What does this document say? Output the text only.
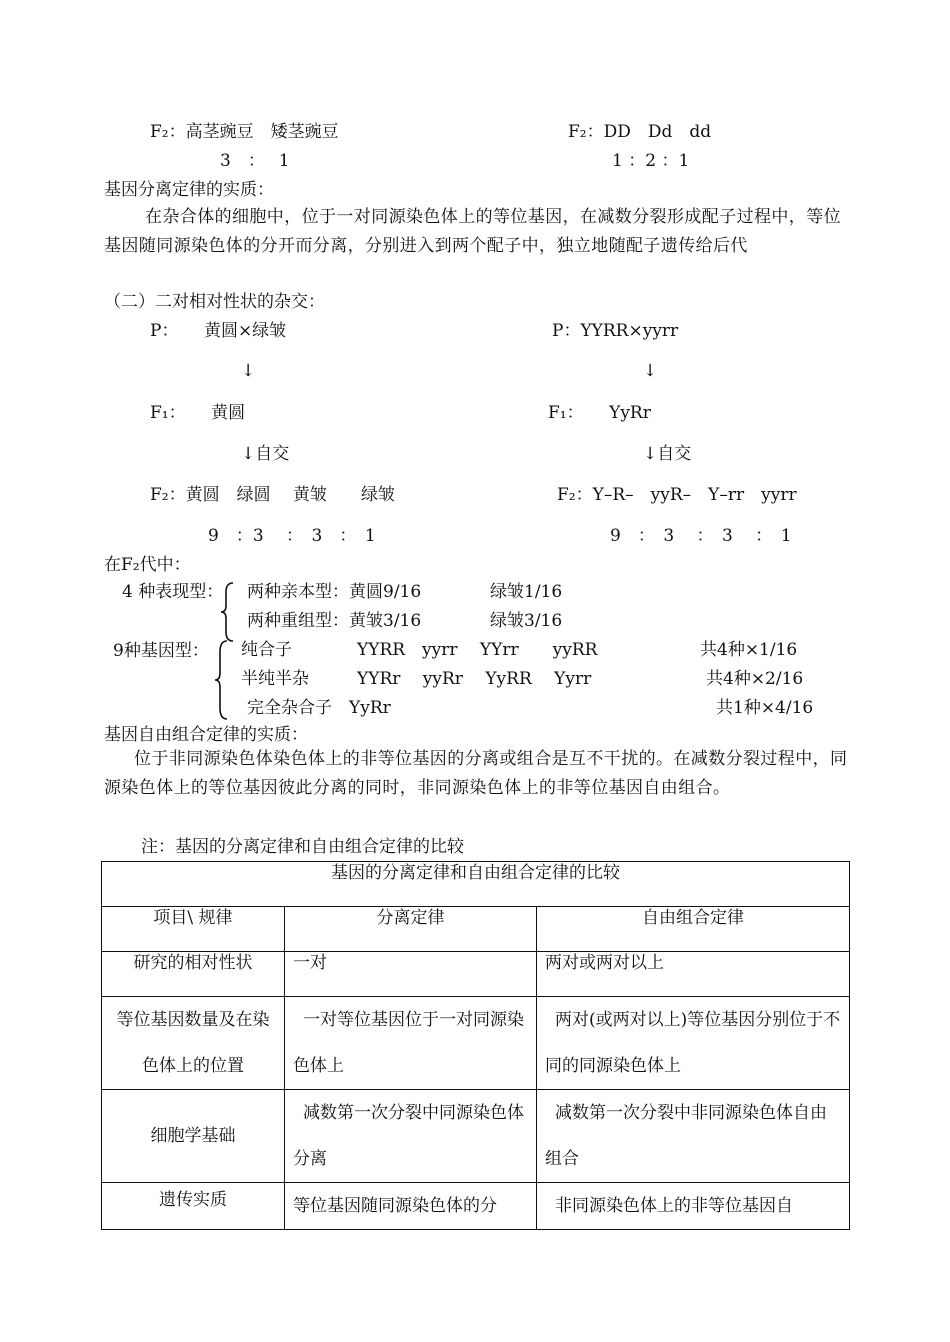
F₂：高茎豌豆　矮茎豌豆
3　：　 1
F₂：DD　Dd　dd
1 ：2 ：1
基因分离定律的实质：
在杂合体的细胞中，位于一对同源染色体上的等位基因，在减数分裂形成配子过程中，等位基因随同源染色体的分开而分离，分别进入到两个配子中，独立地随配子遗传给后代
（二）二对相对性状的杂交：
P：　　黄圆×绿皱	P：YYRR×yyrr
↓	↓
F₁：　　黄圆	F₁：　　YyRr
↓自交	↓自交
F₂：黄圆　绿圆　 黄皱　　绿皱	F₂：Y–R–　yyR–　Y–rr　yyrr
9　：3　 ：　3　：　1	9　：　3　 ：　3　 ：　1
在F₂代中：
4 种表现型： 两种亲本型：黄圆9/16	绿皱1/16
两种重组型：黄皱3/16	绿皱3/16
9种基因型： 纯合子	YYRR　yyrr　 YYrr　　yyRR	共4种×1/16
半纯半杂	YYRr　 yyRr　 YyRR　 Yyrr	共4种×2/16
完全杂合子　YyRr	共1种×4/16
基因自由组合定律的实质：
位于非同源染色体染色体上的非等位基因的分离或组合是互不干扰的。在减数分裂过程中，同源染色体上的等位基因彼此分离的同时，非同源染色体上的非等位基因自由组合。
注：基因的分离定律和自由组合定律的比较
基因的分离定律和自由组合定律的比较		
项目\ 规律	分离定律	自由组合定律
研究的相对性状	一对	两对或两对以上

等位基因数量及在染色体上的位置	一对等位基因位于一对同源染色体上	两对(或两对以上)等位基因分别位于不同的同源染色体上

细胞学基础	减数第一次分裂中同源染色体分离	减数第一次分裂中非同源染色体自由组合

遗传实质	等位基因随同源染色体的分	非同源染色体上的非等位基因自
